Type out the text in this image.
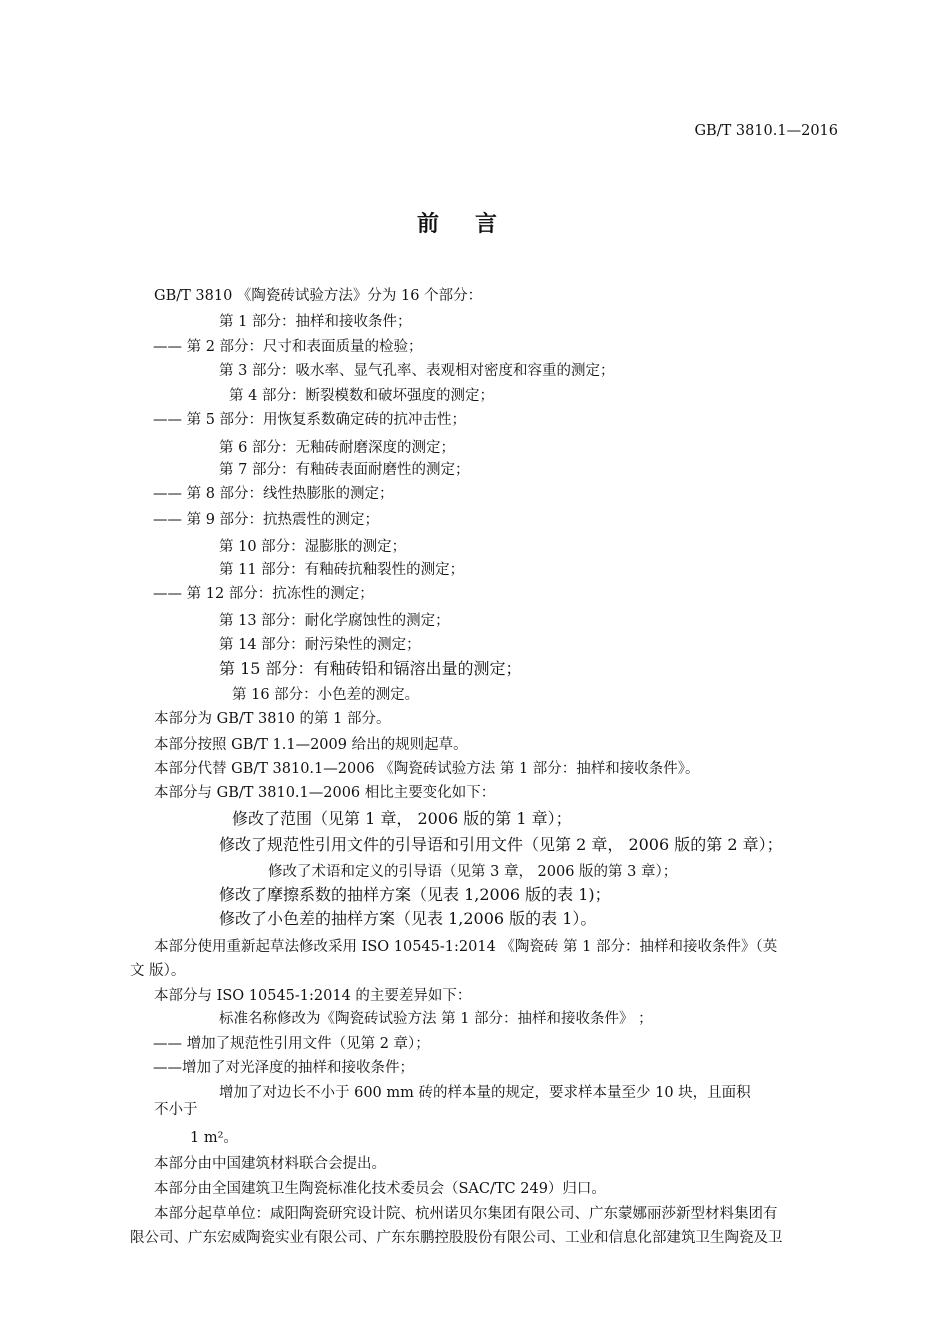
GB/T 3810.1—2016
前言
GB/T 3810 《陶瓷砖试验方法》分为 16 个部分：
第 1 部分：抽样和接收条件；
—— 第 2 部分：尺寸和表面质量的检验；
第 3 部分：吸水率、显气孔率、表观相对密度和容重的测定；
第 4 部分：断裂模数和破坏强度的测定；
—— 第 5 部分：用恢复系数确定砖的抗冲击性；
第 6 部分：无釉砖耐磨深度的测定；
第 7 部分：有釉砖表面耐磨性的测定；
—— 第 8 部分：线性热膨胀的测定；
—— 第 9 部分：抗热震性的测定；
第 10 部分：湿膨胀的测定；
第 11 部分：有釉砖抗釉裂性的测定；
—— 第 12 部分：抗冻性的测定；
第 13 部分：耐化学腐蚀性的测定；
第 14 部分：耐污染性的测定；
第 15 部分：有釉砖铅和镉溶出量的测定；
第 16 部分：小色差的测定。
本部分为 GB/T 3810 的第 1 部分。
本部分按照 GB/T 1.1—2009 给出的规则起草。
本部分代替 GB/T 3810.1—2006 《陶瓷砖试验方法 第 1 部分：抽样和接收条件》。
本部分与 GB/T 3810.1—2006 相比主要变化如下：
修改了范围（见第 1 章， 2006 版的第 1 章）；
修改了规范性引用文件的引导语和引用文件（见第 2 章， 2006 版的第 2 章）；
修改了术语和定义的引导语（见第 3 章， 2006 版的第 3 章）；
修改了摩擦系数的抽样方案（见表 1,2006 版的表 1)；
修改了小色差的抽样方案（见表 1,2006 版的表 1）。
本部分使用重新起草法修改采用 ISO 10545-1:2014 《陶瓷砖 第 1 部分：抽样和接收条件》（英
文 版）。
本部分与 ISO 10545-1:2014 的主要差异如下：
标准名称修改为《陶瓷砖试验方法 第 1 部分：抽样和接收条件》 ；
—— 增加了规范性引用文件（见第 2 章）；
——增加了对光泽度的抽样和接收条件；
增加了对边长不小于 600 mm 砖的样本量的规定，要求样本量至少 10 块，且面积
不小于
1 m²。
本部分由中国建筑材料联合会提出。
本部分由全国建筑卫生陶瓷标准化技术委员会（SAC/TC 249）归口。
本部分起草单位：咸阳陶瓷研究设计院、杭州诺贝尔集团有限公司、广东蒙娜丽莎新型材料集团有
限公司、广东宏威陶瓷实业有限公司、广东东鹏控股股份有限公司、工业和信息化部建筑卫生陶瓷及卫
